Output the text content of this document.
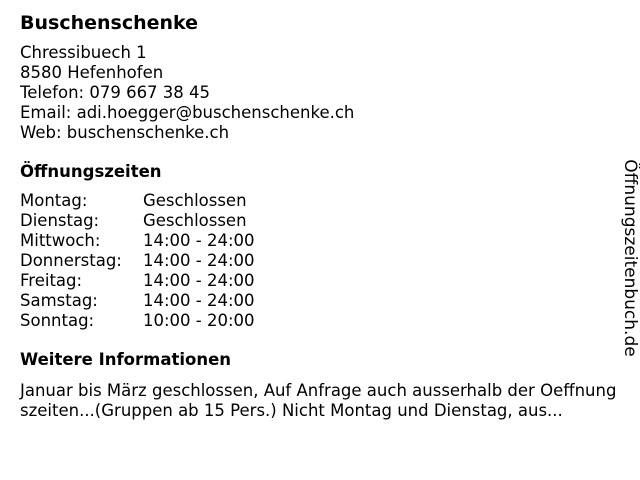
Buschenschenke
Chressibuech 1
8580 Hefenhofen
Telefon: 079 667 38 45
Email: adi.hoegger@buschenschenke.ch
Web: buschenschenke.ch
Öffnungszeiten
Montag:	Geschlossen
Dienstag:	Geschlossen
Mittwoch:	14:00 - 24:00
Donnerstag:	14:00 - 24:00
Freitag:	14:00 - 24:00
Samstag:	14:00 - 24:00
Sonntag:	10:00 - 20:00
Weitere Informationen
Januar bis März geschlossen, Auf Anfrage auch ausserhalb der Oeffnungszeiten...(Gruppen ab 15 Pers.) Nicht Montag und Dienstag, aus...
Öffnungszeitenbuch.de
